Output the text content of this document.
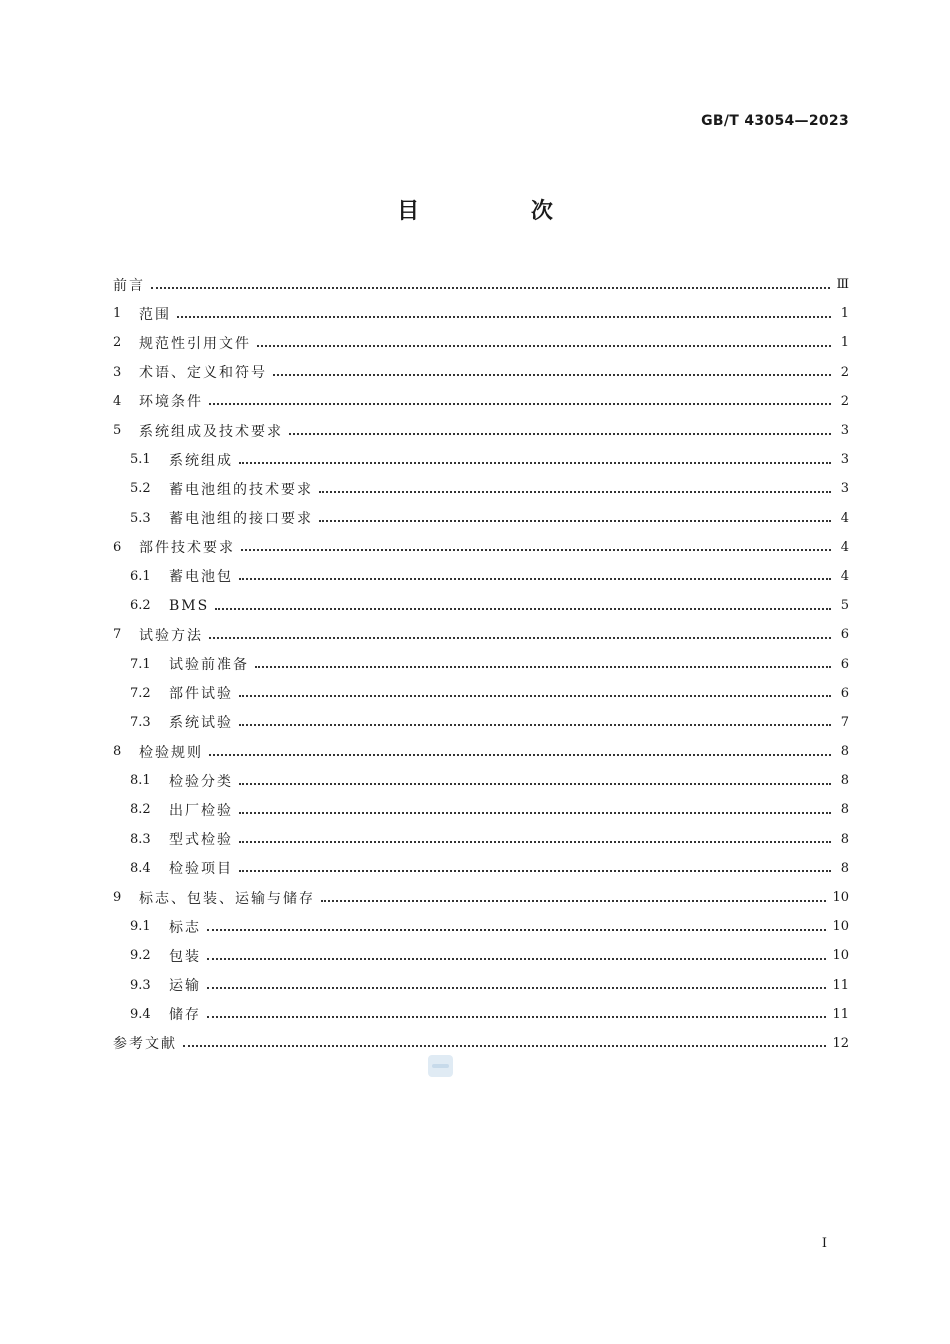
GB/T 43054—2023
目 次
前言	Ⅲ
1	范围	1
2	规范性引用文件	1
3	术语、定义和符号	2
4	环境条件	2
5	系统组成及技术要求	3
5.1	系统组成	3
5.2	蓄电池组的技术要求	3
5.3	蓄电池组的接口要求	4
6	部件技术要求	4
6.1	蓄电池包	4
6.2	BMS	5
7	试验方法	6
7.1	试验前准备	6
7.2	部件试验	6
7.3	系统试验	7
8	检验规则	8
8.1	检验分类	8
8.2	出厂检验	8
8.3	型式检验	8
8.4	检验项目	8
9	标志、包装、运输与储存	10
9.1	标志	10
9.2	包装	10
9.3	运输	11
9.4	储存	11
参考文献	12
Ⅰ
